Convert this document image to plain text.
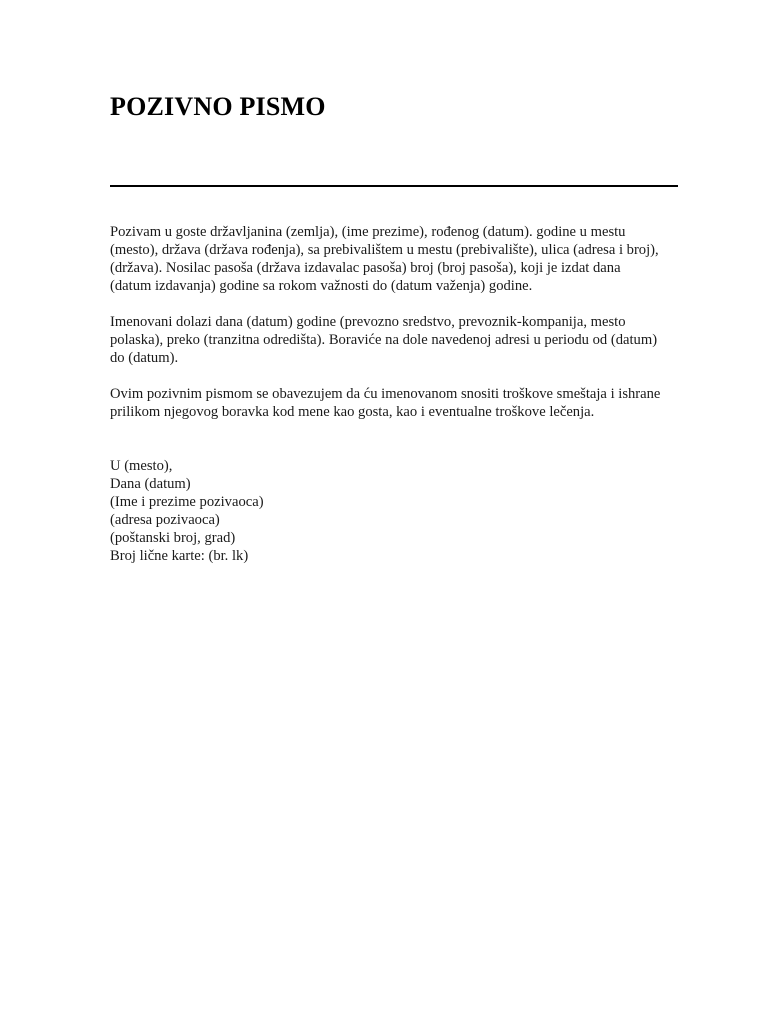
POZIVNO PISMO

Pozivam u goste državljanina (zemlja), (ime prezime), rođenog (datum). godine u mestu
(mesto), država (država rođenja), sa prebivalištem u mestu (prebivalište), ulica (adresa i broj),
(država). Nosilac pasoša (država izdavalac pasoša) broj (broj pasoša), koji je izdat dana
(datum izdavanja) godine sa rokom važnosti do (datum važenja) godine.

Imenovani dolazi dana (datum) godine (prevozno sredstvo, prevoznik-kompanija, mesto
polaska), preko (tranzitna odredišta). Boraviće na dole navedenoj adresi u periodu od (datum)
do (datum).

Ovim pozivnim pismom se obavezujem da ću imenovanom snositi troškove smeštaja i ishrane
prilikom njegovog boravka kod mene kao gosta, kao i eventualne troškove lečenja.

U (mesto),
Dana (datum)
(Ime i prezime pozivaoca)
(adresa pozivaoca)
(poštanski broj, grad)
Broj lične karte: (br. lk)
